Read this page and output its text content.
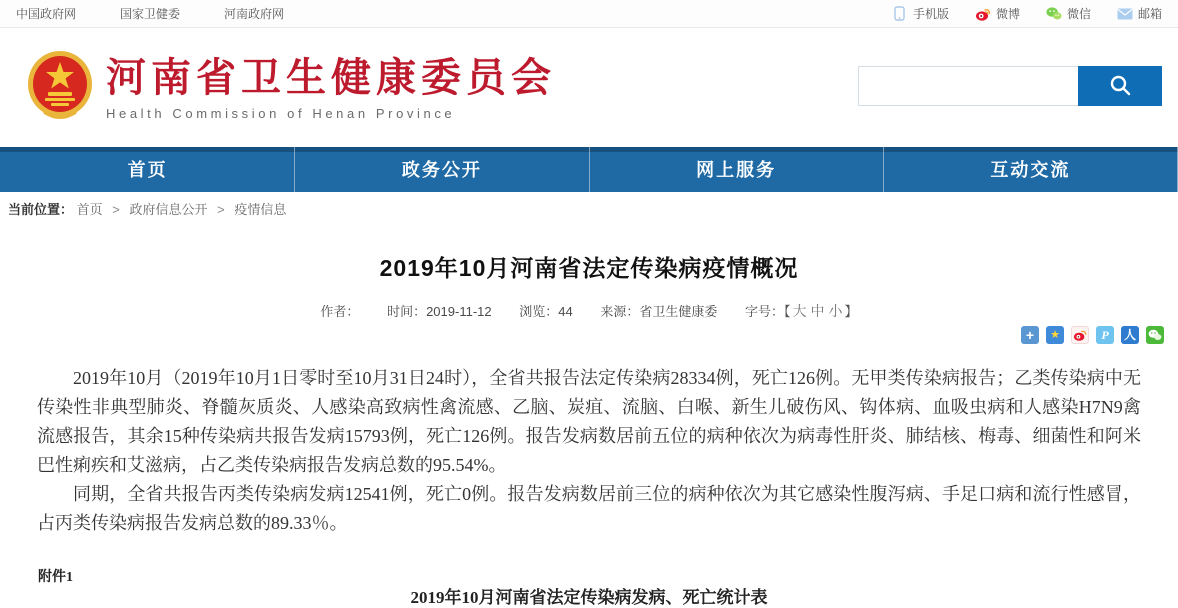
中国政府网	国家卫健委	河南政府网	手机版	微博	微信	邮箱
河南省卫生健康委员会
Health Commission of Henan Province
首页	政务公开	网上服务	互动交流
当前位置： 首页 > 政府信息公开 > 疫情信息
2019年10月河南省法定传染病疫情概况
作者： 时间：2019-11-12 浏览：44 来源：省卫生健康委 字号：【 大 中 小 】
+	★	P	人

2019年10月（2019年10月1日零时至10月31日24时），全省共报告法定传染病28334例，死亡126例。无甲类传染病报告；乙类传染病中无传染性非典型肺炎、脊髓灰质炎、人感染高致病性禽流感、乙脑、炭疽、流脑、白喉、新生儿破伤风、钩体病、血吸虫病和人感染H7N9禽流感报告，其余15种传染病共报告发病15793例，死亡126例。报告发病数居前五位的病种依次为病毒性肝炎、肺结核、梅毒、细菌性和阿米巴性痢疾和艾滋病，占乙类传染病报告发病总数的95.54%。

同期，全省共报告丙类传染病发病12541例，死亡0例。报告发病数居前三位的病种依次为其它感染性腹泻病、手足口病和流行性感冒，占丙类传染病报告发病总数的89.33％。

附件1
2019年10月河南省法定传染病发病、死亡统计表
